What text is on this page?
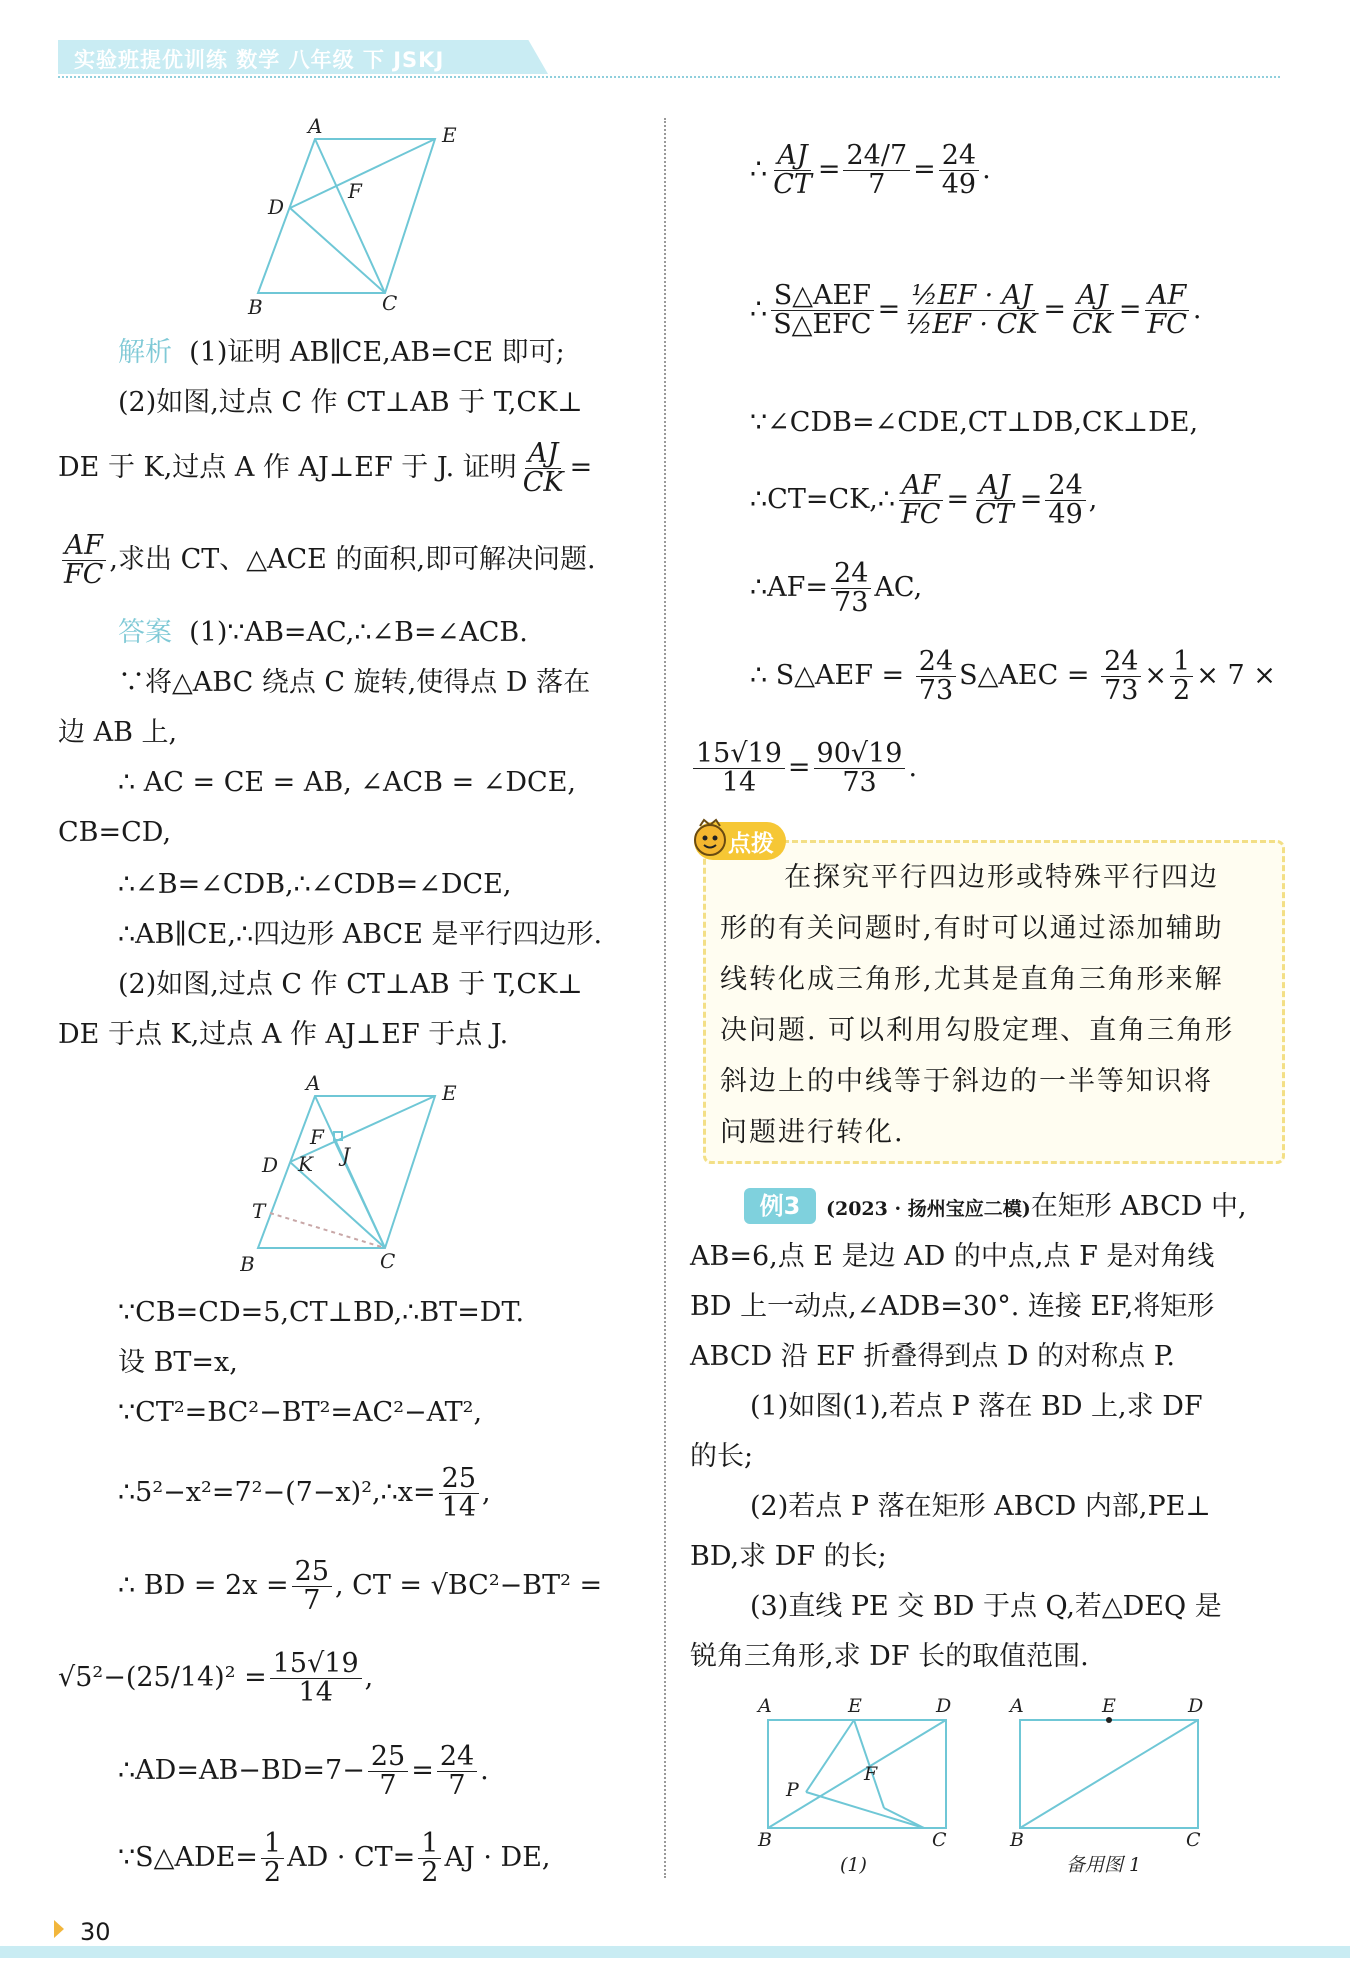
实验班提优训练 数学 八年级 下 JSKJ
A	E
D
F
B	C
解析 (1)证明 AB∥CE,AB=CE 即可;
(2)如图,过点 C 作 CT⊥AB 于 T,CK⊥
DE 于 K,过点 A 作 AJ⊥EF 于 J. 证明 $\frac{AJ}{CK}$ =
$\frac{AF}{FC}$ ,求出 CT、△ACE 的面积,即可解决问题.
答案 (1)∵AB=AC,∴∠B=∠ACB.
∵将△ABC 绕点 C 旋转,使得点 D 落在
边 AB 上,
∴ AC = CE = AB, ∠ACB = ∠DCE,
CB=CD,
∴∠B=∠CDB,∴∠CDB=∠DCE,
∴AB∥CE,∴四边形 ABCE 是平行四边形.
(2)如图,过点 C 作 CT⊥AB 于 T,CK⊥
DE 于点 K,过点 A 作 AJ⊥EF 于点 J.
A	E
F
J
D K
T
B	C
∵CB=CD=5,CT⊥BD,∴BT=DT.
设 BT=x,
∵CT²=BC²−BT²=AC²−AT²,
∴5²−x²=7²−(7−x)²,∴x= $\frac{25}{14}$ ,
∴ BD = $2x = \frac{25}{7}$ , CT = √BC²−BT² =
$√5^2-(25/14)^2 = \frac{15√19}{14}$ ,
∴AD=AB−BD=7− $\frac{25}{7} = \frac{24}{7}$ .
∵S△ADE= $\frac{1}{2}$ AD · $CT= \frac{1}{2}$ AJ · DE,
∴ $\frac{AJ}{CT} = \frac{24/7}{7} = \frac{24}{49}$ .
∴ $\frac{\text{S△AEF}}{\text{S△EFC}} = \frac{\text{½EF · AJ}}{\text{½EF · CK}} = \frac{AJ}{CK} = \frac{AF}{FC}$ .
∵∠CDB=∠CDE,CT⊥DB,CK⊥DE,
∴CT=CK,∴ $\frac{AF}{FC} = \frac{AJ}{CT} = \frac{24}{49}$ ,
∴AF= $\frac{24}{73}$ AC,
∴ S△AEF = $\frac{24}{73}$ S△AEC = $\frac{24}{73} \times \frac{1}{2} \times 7$ ×
$\frac{15√19}{14} = \frac{90√19}{73}$ .
点拨
在探究平行四边形或特殊平行四边
形的有关问题时,有时可以通过添加辅助
线转化成三角形,尤其是直角三角形来解
决问题. 可以利用勾股定理、直角三角形
斜边上的中线等于斜边的一半等知识将
问题进行转化.
例3	(2023 · 扬州宝应二模)在矩形 ABCD 中,
AB=6,点 E 是边 AD 的中点,点 F 是对角线
BD 上一动点,∠ADB=30°. 连接 EF,将矩形
ABCD 沿 EF 折叠得到点 D 的对称点 P.
(1)如图(1),若点 P 落在 BD 上,求 DF
的长;
(2)若点 P 落在矩形 ABCD 内部,PE⊥
BD,求 DF 的长;
(3)直线 PE 交 BD 于点 Q,若△DEQ 是
锐角三角形,求 DF 长的取值范围.
A	E	D
P
F
B	C
(1)
A	E	D
B	C
备用图 1
30
